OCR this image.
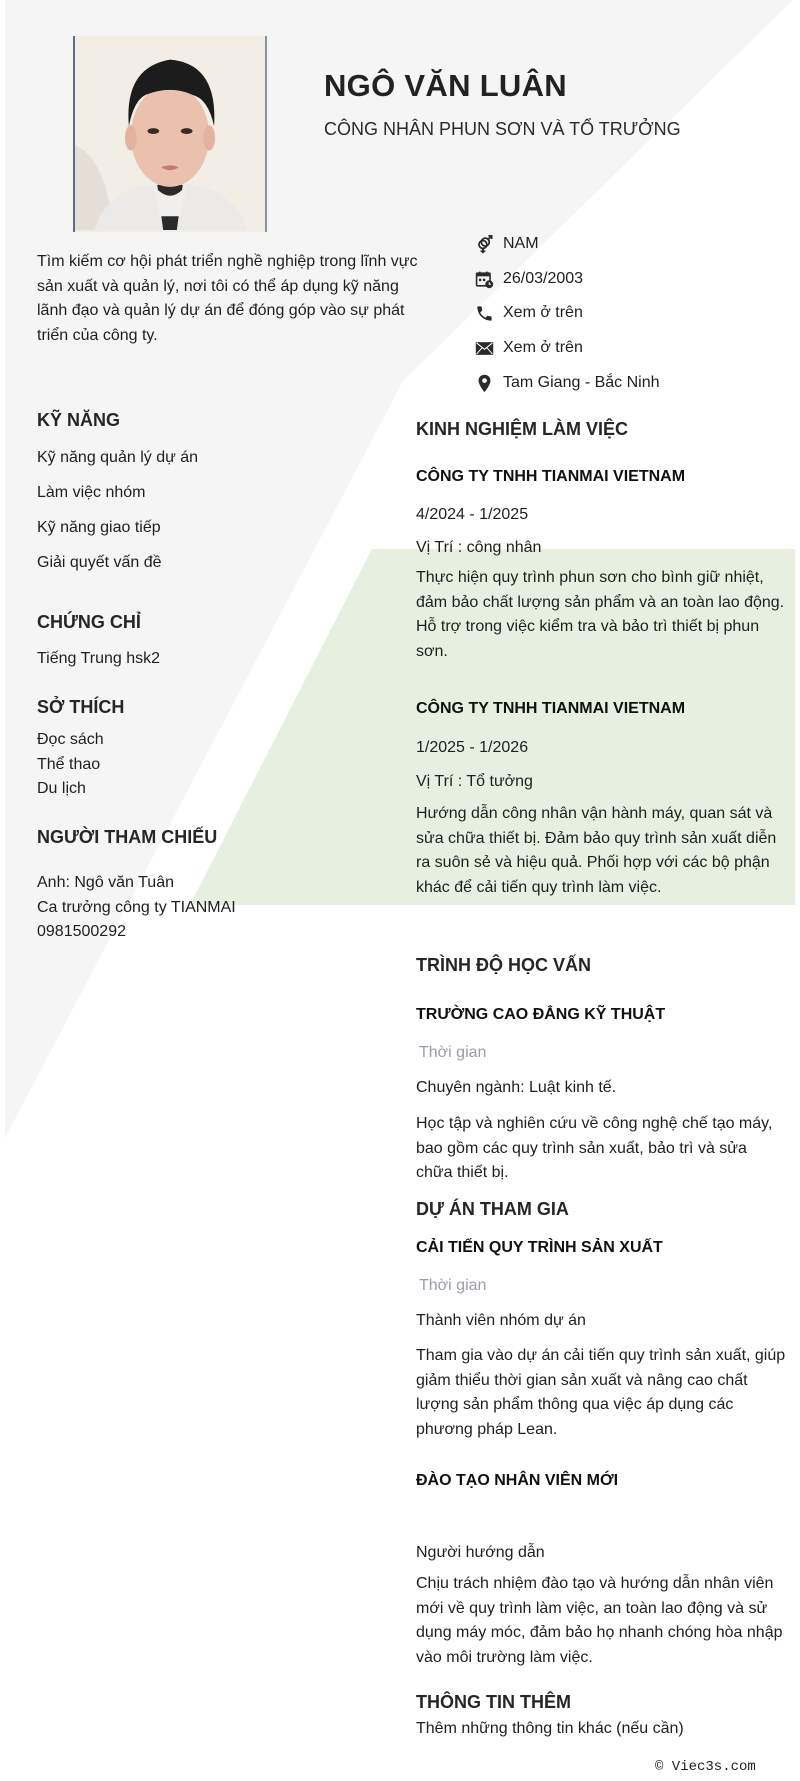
NGÔ VĂN LUÂN
CÔNG NHÂN PHUN SƠN VÀ TỔ TRƯỞNG
Tìm kiếm cơ hội phát triển nghề nghiệp trong lĩnh vực sản xuất và quản lý, nơi tôi có thể áp dụng kỹ năng lãnh đạo và quản lý dự án để đóng góp vào sự phát triển của công ty.
NAM
26/03/2003
Xem ở trên
Xem ở trên
Tam Giang - Bắc Ninh
KỸ NĂNG
Kỹ năng quản lý dự án
Làm việc nhóm
Kỹ năng giao tiếp
Giải quyết vấn đề
CHỨNG CHỈ
Tiếng Trung hsk2
SỞ THÍCH
Đọc sách
Thể thao
Du lịch
NGƯỜI THAM CHIẾU
Anh: Ngô văn Tuân
Ca trưởng công ty TIANMAI
0981500292
KINH NGHIỆM LÀM VIỆC
CÔNG TY TNHH TIANMAI VIETNAM
4/2024 - 1/2025
Vị Trí : công nhân
Thực hiện quy trình phun sơn cho bình giữ nhiệt, đảm bảo chất lượng sản phẩm và an toàn lao động. Hỗ trợ trong việc kiểm tra và bảo trì thiết bị phun sơn.
CÔNG TY TNHH TIANMAI VIETNAM
1/2025 - 1/2026
Vị Trí : Tổ tưởng
Hướng dẫn công nhân vận hành máy, quan sát và sửa chữa thiết bị. Đảm bảo quy trình sản xuất diễn ra suôn sẻ và hiệu quả. Phối hợp với các bộ phận khác để cải tiến quy trình làm việc.
TRÌNH ĐỘ HỌC VẤN
TRƯỜNG CAO ĐẲNG KỸ THUẬT
Thời gian
Chuyên ngành: Luật kinh tế.
Học tập và nghiên cứu về công nghệ chế tạo máy, bao gồm các quy trình sản xuất, bảo trì và sửa chữa thiết bị.
DỰ ÁN THAM GIA
CẢI TIẾN QUY TRÌNH SẢN XUẤT
Thời gian
Thành viên nhóm dự án
Tham gia vào dự án cải tiến quy trình sản xuất, giúp giảm thiểu thời gian sản xuất và nâng cao chất lượng sản phẩm thông qua việc áp dụng các phương pháp Lean.
ĐÀO TẠO NHÂN VIÊN MỚI
Người hướng dẫn
Chịu trách nhiệm đào tạo và hướng dẫn nhân viên mới về quy trình làm việc, an toàn lao động và sử dụng máy móc, đảm bảo họ nhanh chóng hòa nhập vào môi trường làm việc.
THÔNG TIN THÊM
Thêm những thông tin khác (nếu cần)
© Viec3s.com
